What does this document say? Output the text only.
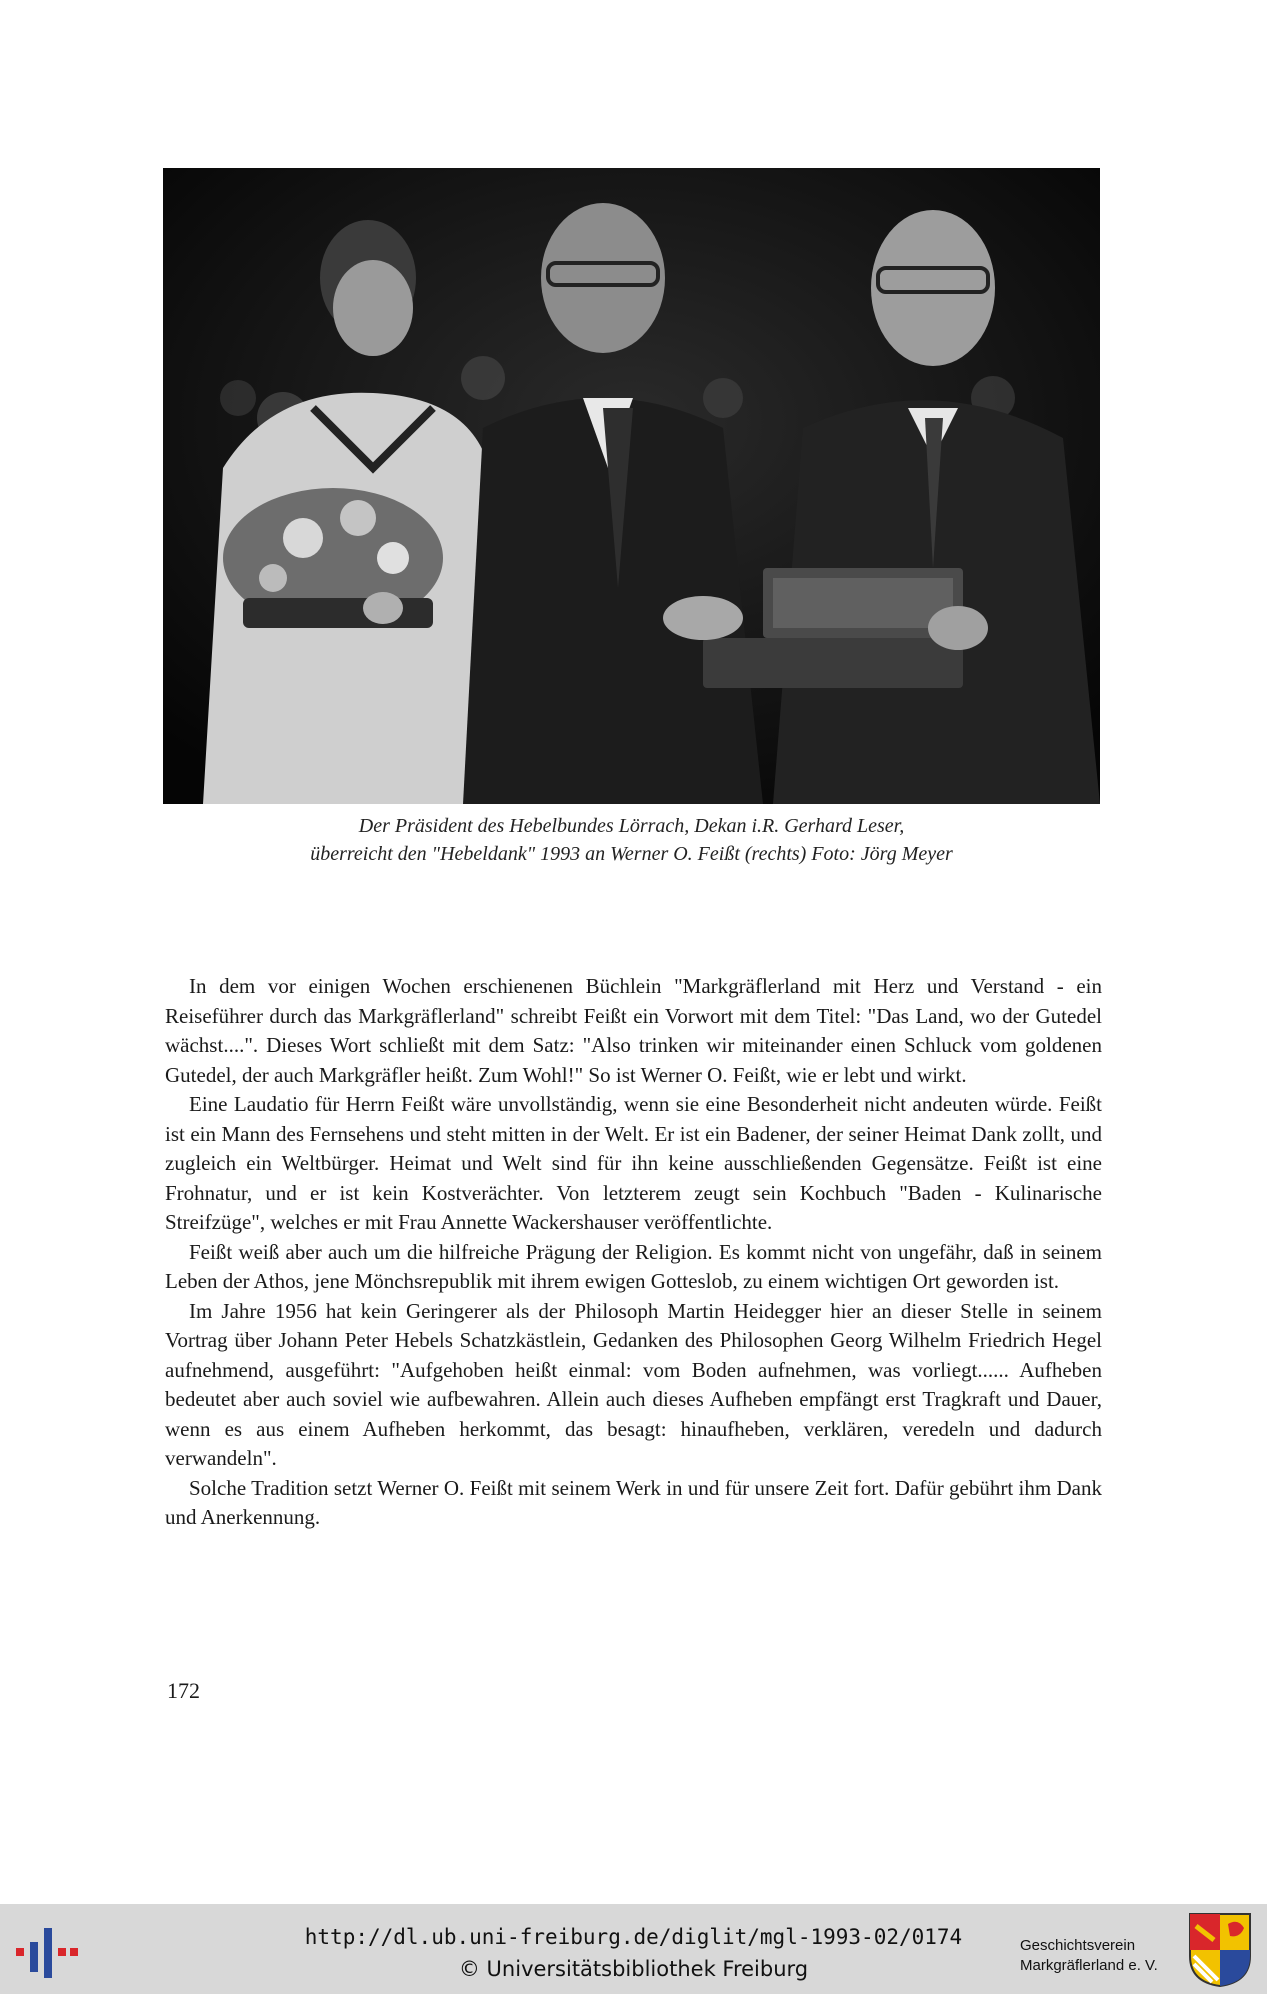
Der Präsident des Hebelbundes Lörrach, Dekan i.R. Gerhard Leser,
überreicht den "Hebeldank" 1993 an Werner O. Feißt (rechts) Foto: Jörg Meyer

In dem vor einigen Wochen erschienenen Büchlein "Markgräflerland mit Herz und Verstand - ein Reiseführer durch das Markgräflerland" schreibt Feißt ein Vorwort mit dem Titel: "Das Land, wo der Gutedel wächst....". Dieses Wort schließt mit dem Satz: "Also trinken wir miteinander einen Schluck vom goldenen Gutedel, der auch Markgräfler heißt. Zum Wohl!" So ist Werner O. Feißt, wie er lebt und wirkt.

Eine Laudatio für Herrn Feißt wäre unvollständig, wenn sie eine Besonderheit nicht andeuten würde. Feißt ist ein Mann des Fernsehens und steht mitten in der Welt. Er ist ein Badener, der seiner Heimat Dank zollt, und zugleich ein Weltbürger. Heimat und Welt sind für ihn keine ausschließenden Gegensätze. Feißt ist eine Frohnatur, und er ist kein Kostverächter. Von letzterem zeugt sein Kochbuch "Baden - Kulinarische Streifzüge", welches er mit Frau Annette Wackershauser veröffentlichte.

Feißt weiß aber auch um die hilfreiche Prägung der Religion. Es kommt nicht von ungefähr, daß in seinem Leben der Athos, jene Mönchsrepublik mit ihrem ewigen Gotteslob, zu einem wichtigen Ort geworden ist.

Im Jahre 1956 hat kein Geringerer als der Philosoph Martin Heidegger hier an dieser Stelle in seinem Vortrag über Johann Peter Hebels Schatzkästlein, Gedanken des Philosophen Georg Wilhelm Friedrich Hegel aufnehmend, ausgeführt: "Aufgehoben heißt einmal: vom Boden aufnehmen, was vorliegt...... Aufheben bedeutet aber auch soviel wie aufbewahren. Allein auch dieses Aufheben empfängt erst Tragkraft und Dauer, wenn es aus einem Aufheben herkommt, das besagt: hinaufheben, verklären, veredeln und dadurch verwandeln".

Solche Tradition setzt Werner O. Feißt mit seinem Werk in und für unsere Zeit fort. Dafür gebührt ihm Dank und Anerkennung.

172
http://dl.ub.uni-freiburg.de/diglit/mgl-1993-02/0174
© Universitätsbibliothek Freiburg
Geschichtsverein
Markgräflerland e. V.
